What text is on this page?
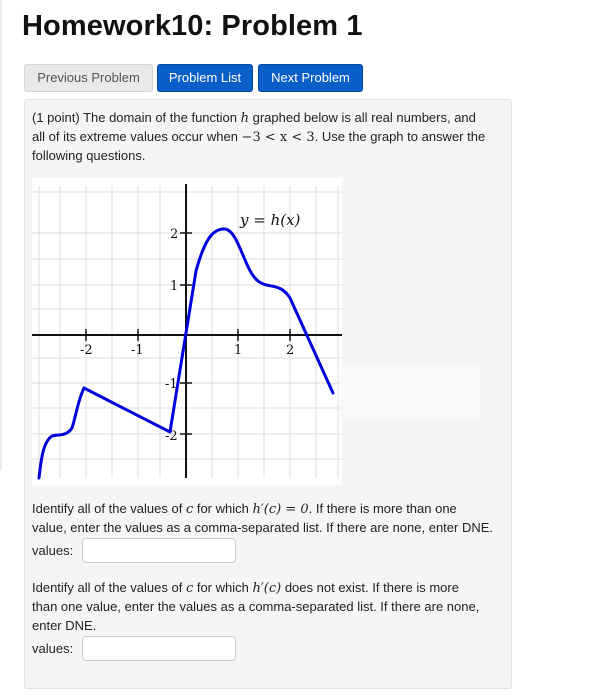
Homework10: Problem 1
Previous Problem	Problem List	Next Problem
(1 point) The domain of the function h graphed below is all real numbers, and
all of its extreme values occur when −3 < x < 3. Use the graph to answer the
following questions.
-2	-1	1	2
2
1
-1
-2
y = h(x)
Identify all of the values of c for which h′(c) = 0. If there is more than one
value, enter the values as a comma-separated list. If there are none, enter DNE.
values:
Identify all of the values of c for which h′(c) does not exist. If there is more
than one value, enter the values as a comma-separated list. If there are none,
enter DNE.
values:
